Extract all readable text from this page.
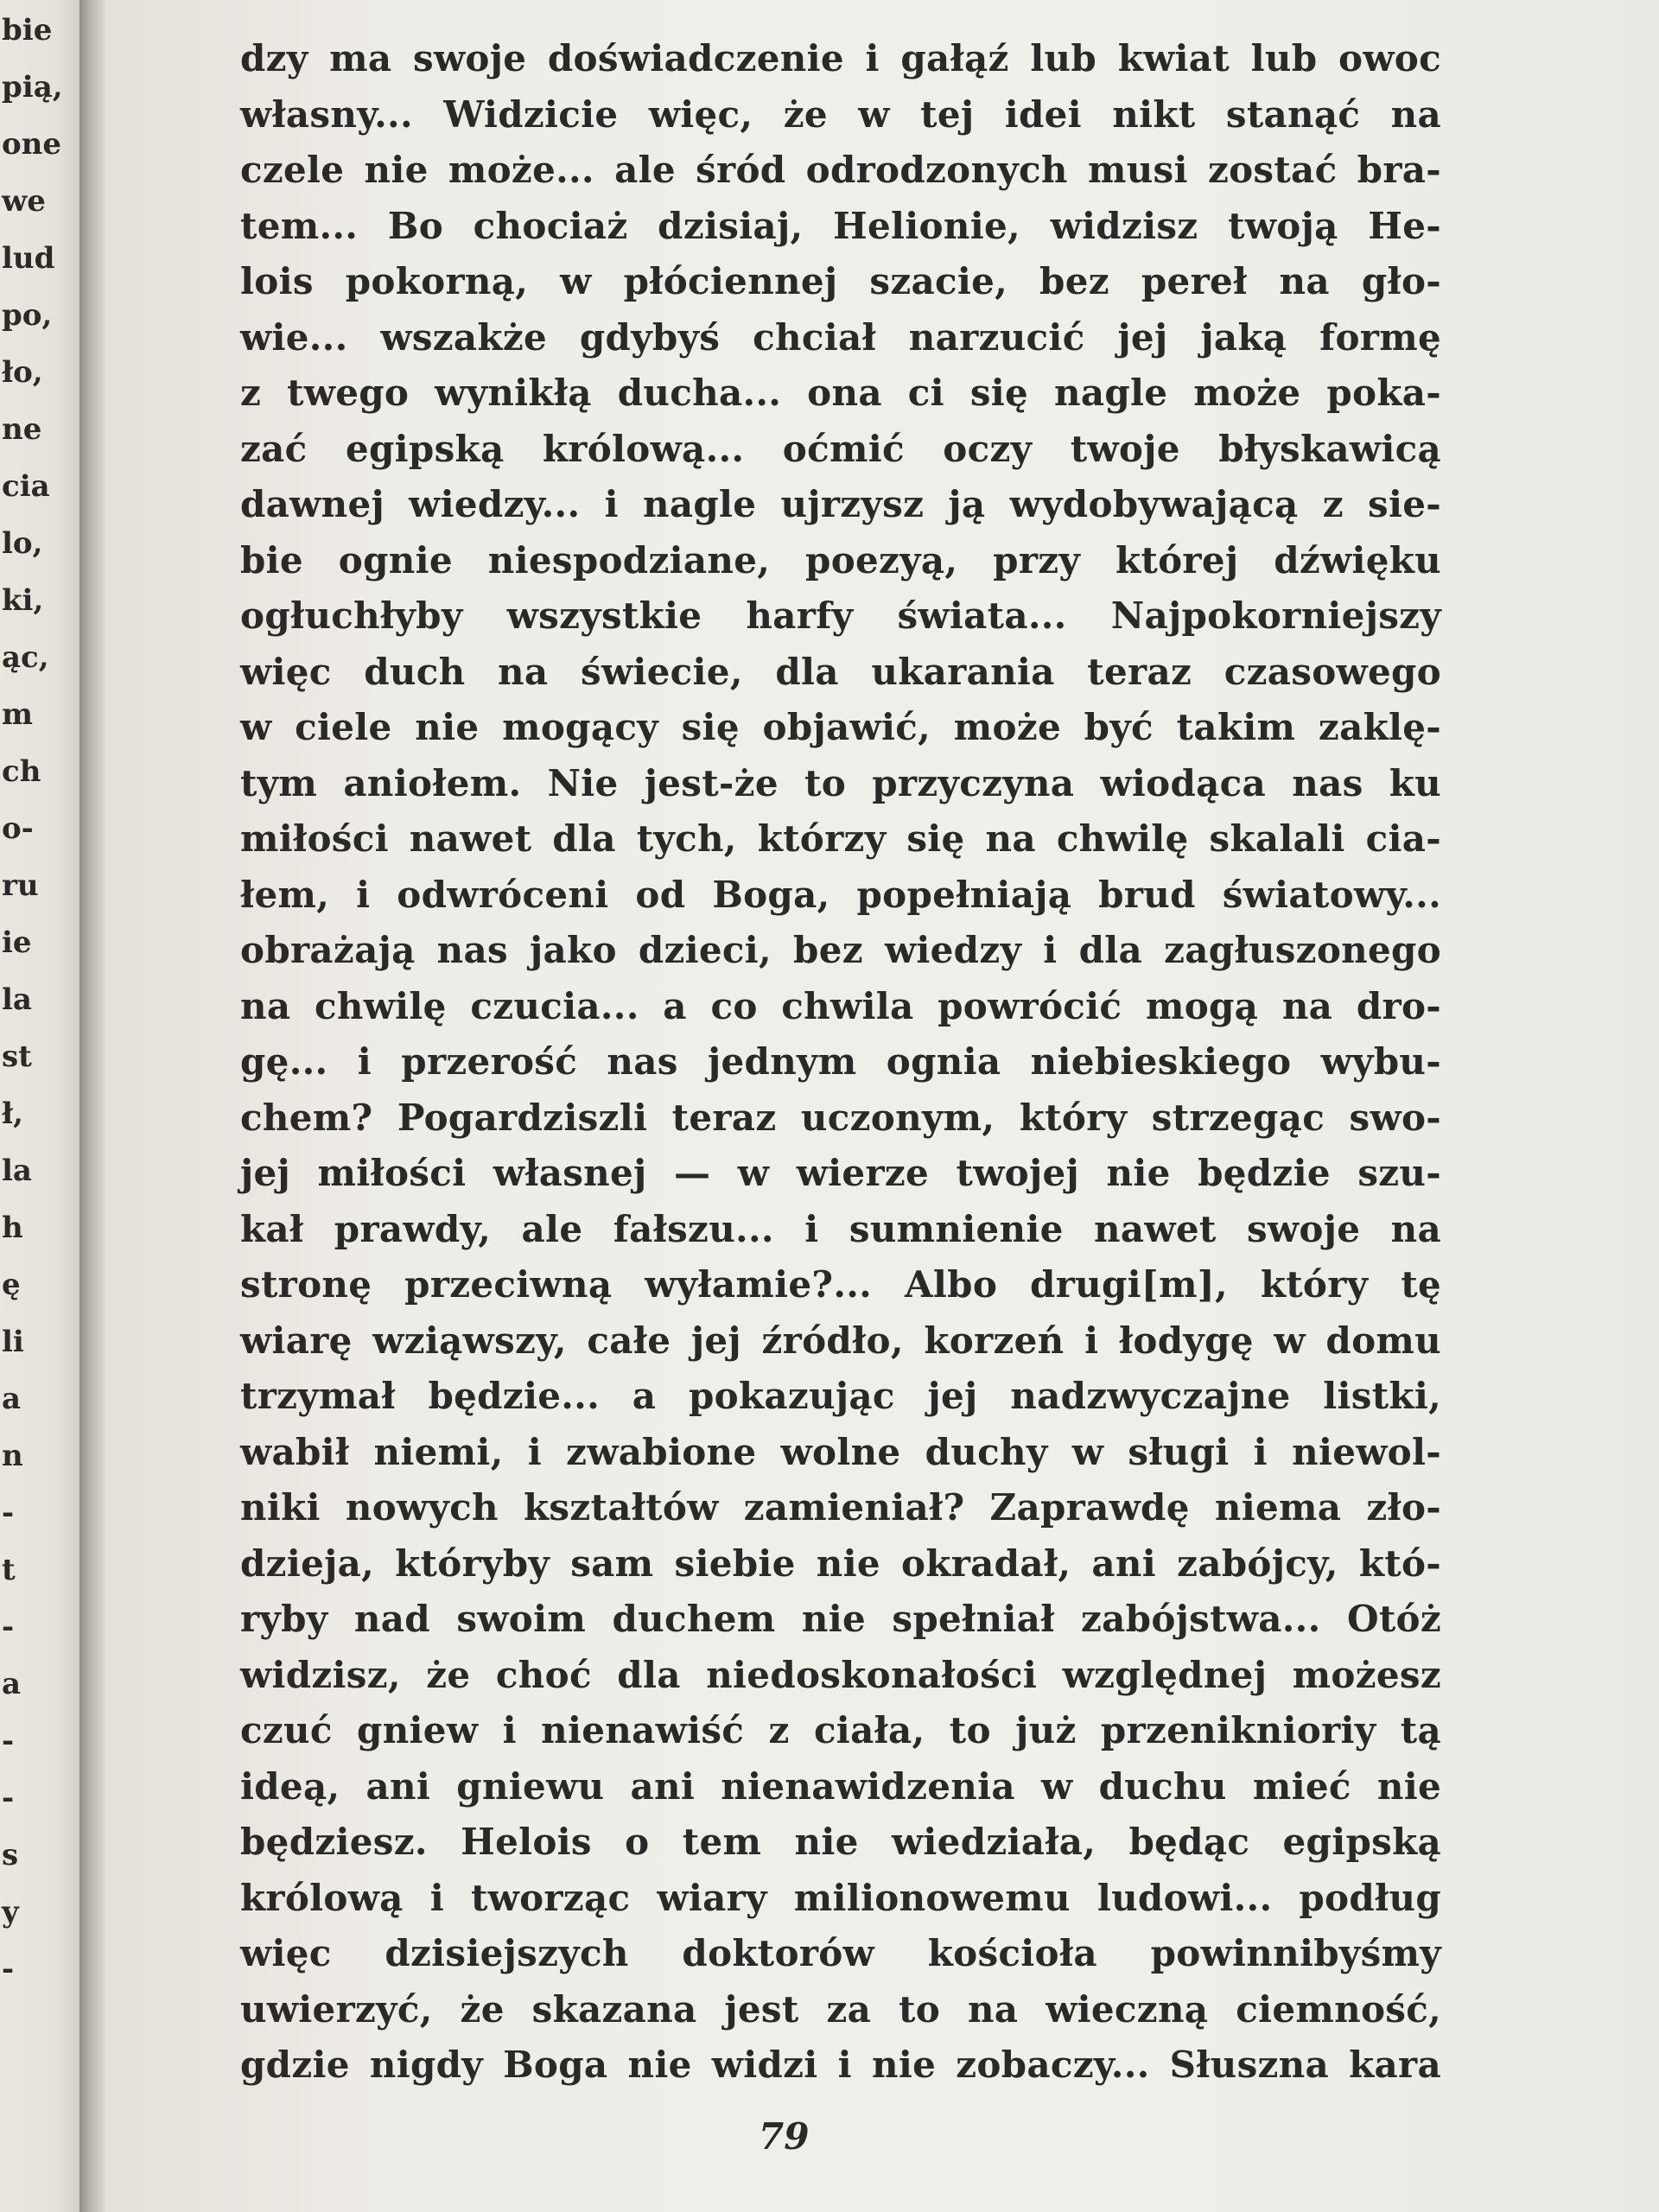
bie
pią,
one
we
lud
po,
ło,
ne
cia
lo,
ki,
ąc,
m
ch
o-
ru
ie
la
st
ł,
la
h
ę
li
a
n
-
t
-
a
-
-
s
y
-
dzy ma swoje doświadczenie i gałąź lub kwiat lub owoc
własny... Widzicie więc, że w tej idei nikt stanąć na
czele nie może... ale śród odrodzonych musi zostać bra-
tem... Bo chociaż dzisiaj, Helionie, widzisz twoją He-
lois pokorną, w płóciennej szacie, bez pereł na gło-
wie... wszakże gdybyś chciał narzucić jej jaką formę
z twego wynikłą ducha... ona ci się nagle może poka-
zać egipską królową... oćmić oczy twoje błyskawicą
dawnej wiedzy... i nagle ujrzysz ją wydobywającą z sie-
bie ognie niespodziane, poezyą, przy której dźwięku
ogłuchłyby wszystkie harfy świata... Najpokorniejszy
więc duch na świecie, dla ukarania teraz czasowego
w ciele nie mogący się objawić, może być takim zaklę-
tym aniołem. Nie jest-że to przyczyna wiodąca nas ku
miłości nawet dla tych, którzy się na chwilę skalali cia-
łem, i odwróceni od Boga, popełniają brud światowy...
obrażają nas jako dzieci, bez wiedzy i dla zagłuszonego
na chwilę czucia... a co chwila powrócić mogą na dro-
gę... i przerość nas jednym ognia niebieskiego wybu-
chem? Pogardziszli teraz uczonym, który strzegąc swo-
jej miłości własnej — w wierze twojej nie będzie szu-
kał prawdy, ale fałszu... i sumnienie nawet swoje na
stronę przeciwną wyłamie?... Albo drugi[m], który tę
wiarę wziąwszy, całe jej źródło, korzeń i łodygę w domu
trzymał będzie... a pokazując jej nadzwyczajne listki,
wabił niemi, i zwabione wolne duchy w sługi i niewol-
niki nowych kształtów zamieniał? Zaprawdę niema zło-
dzieja, któryby sam siebie nie okradał, ani zabójcy, któ-
ryby nad swoim duchem nie spełniał zabójstwa... Otóż
widzisz, że choć dla niedoskonałości względnej możesz
czuć gniew i nienawiść z ciała, to już przeniknioriy tą
ideą, ani gniewu ani nienawidzenia w duchu mieć nie
będziesz. Helois o tem nie wiedziała, będąc egipską
królową i tworząc wiary milionowemu ludowi... podług
więc dzisiejszych doktorów kościoła powinnibyśmy
uwierzyć, że skazana jest za to na wieczną ciemność,
gdzie nigdy Boga nie widzi i nie zobaczy... Słuszna kara
79
